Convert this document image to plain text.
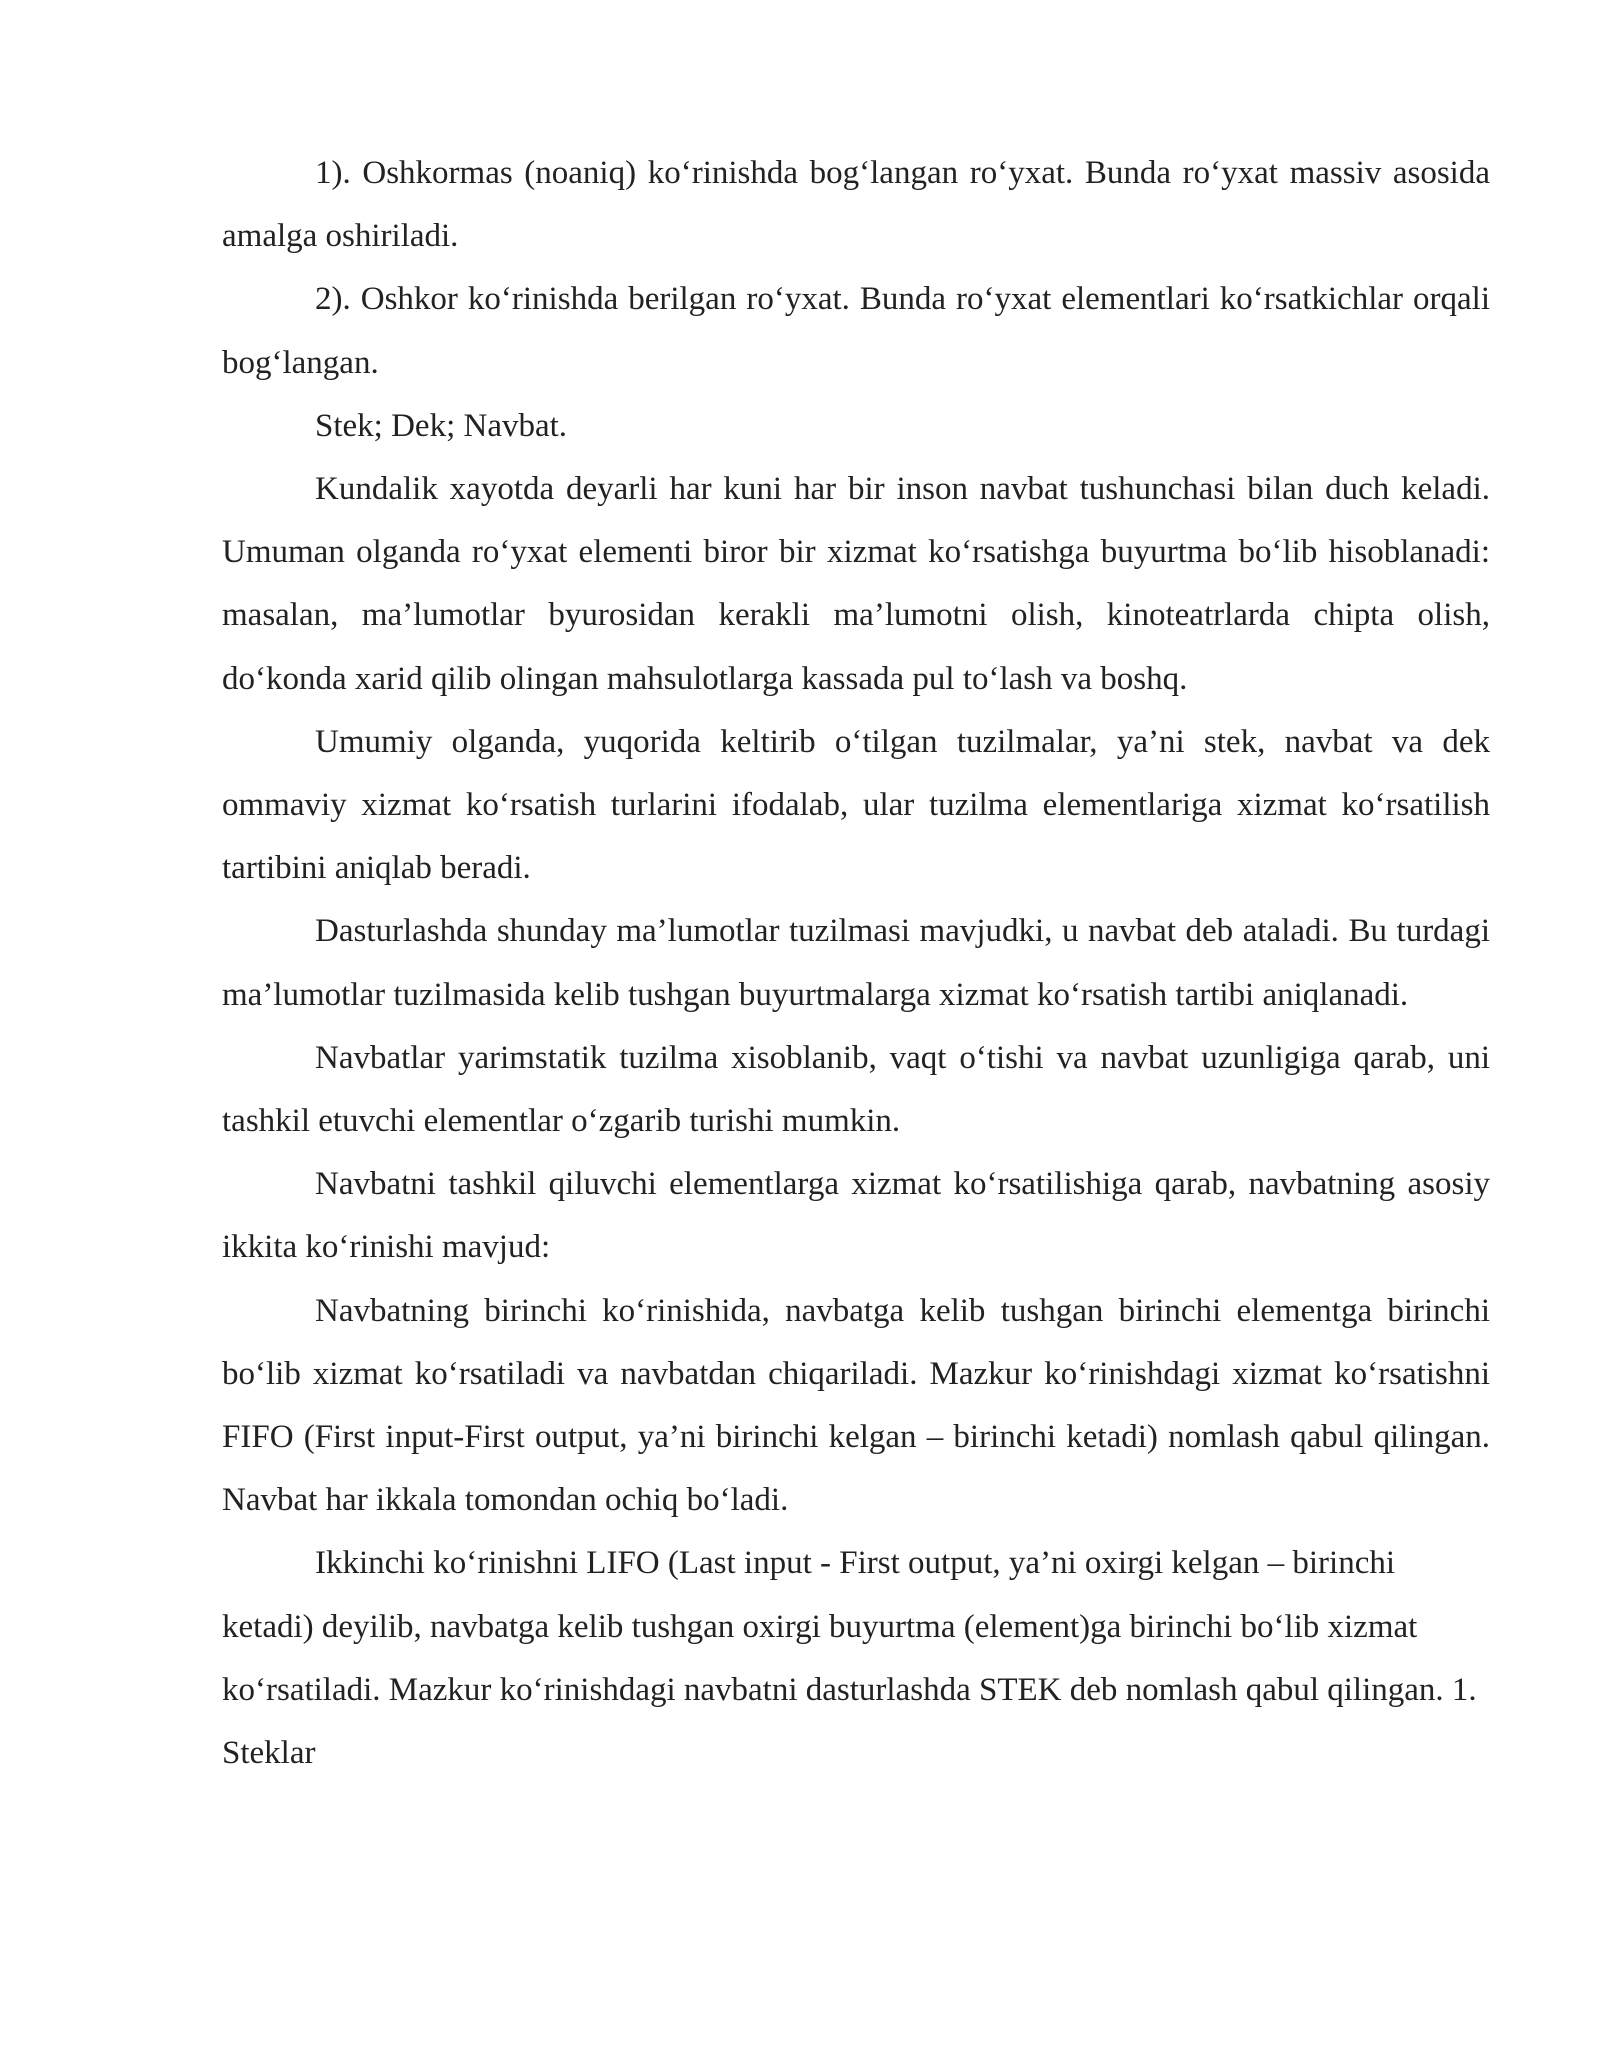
1). Oshkormas (noaniq) ko‘rinishda bog‘langan ro‘yxat. Bunda ro‘yxat massiv asosida amalga oshiriladi.

2). Oshkor ko‘rinishda berilgan ro‘yxat. Bunda ro‘yxat elementlari ko‘rsatkichlar orqali bog‘langan.

Stek; Dek; Navbat.

Kundalik xayotda deyarli har kuni har bir inson navbat tushunchasi bilan duch keladi. Umuman olganda ro‘yxat elementi biror bir xizmat ko‘rsatishga buyurtma bo‘lib hisoblanadi: masalan, ma’lumotlar byurosidan kerakli ma’lumotni olish, kinoteatrlarda chipta olish, do‘konda xarid qilib olingan mahsulotlarga kassada pul to‘lash va boshq.

Umumiy olganda, yuqorida keltirib o‘tilgan tuzilmalar, ya’ni stek, navbat va dek ommaviy xizmat ko‘rsatish turlarini ifodalab, ular tuzilma elementlariga xizmat ko‘rsatilish tartibini aniqlab beradi.

Dasturlashda shunday ma’lumotlar tuzilmasi mavjudki, u navbat deb ataladi. Bu turdagi ma’lumotlar tuzilmasida kelib tushgan buyurtmalarga xizmat ko‘rsatish tartibi aniqlanadi.

Navbatlar yarimstatik tuzilma xisoblanib, vaqt o‘tishi va navbat uzunligiga qarab, uni tashkil etuvchi elementlar o‘zgarib turishi mumkin.

Navbatni tashkil qiluvchi elementlarga xizmat ko‘rsatilishiga qarab, navbatning asosiy ikkita ko‘rinishi mavjud:

Navbatning birinchi ko‘rinishida, navbatga kelib tushgan birinchi elementga birinchi bo‘lib xizmat ko‘rsatiladi va navbatdan chiqariladi. Mazkur ko‘rinishdagi xizmat ko‘rsatishni FIFO (First input-First output, ya’ni birinchi kelgan – birinchi ketadi) nomlash qabul qilingan. Navbat har ikkala tomondan ochiq bo‘ladi.

Ikkinchi ko‘rinishni LIFO (Last input - First output, ya’ni oxirgi kelgan – birinchi ketadi) deyilib, navbatga kelib tushgan oxirgi buyurtma (element)ga birinchi bo‘lib xizmat ko‘rsatiladi. Mazkur ko‘rinishdagi navbatni dasturlashda STEK deb nomlash qabul qilingan. 1. Steklar
